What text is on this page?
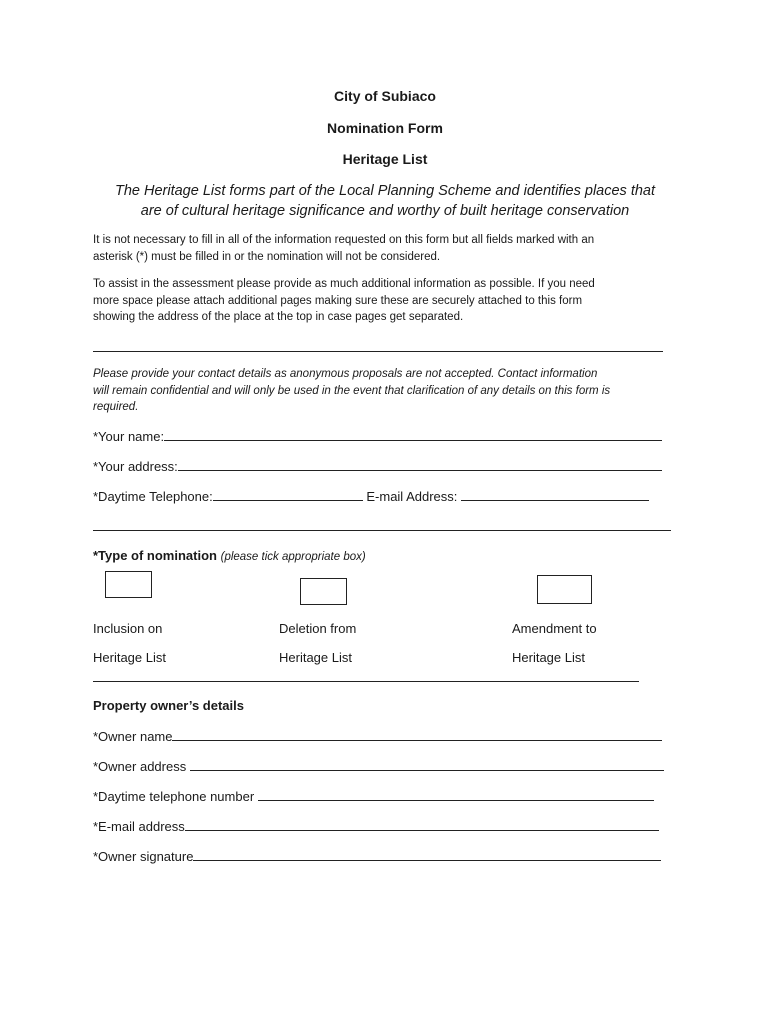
City of Subiaco
Nomination Form
Heritage List
The Heritage List forms part of the Local Planning Scheme and identifies places that
are of cultural heritage significance and worthy of built heritage conservation
It is not necessary to fill in all of the information requested on this form but all fields marked with an
asterisk (*) must be filled in or the nomination will not be considered.
To assist in the assessment please provide as much additional information as possible. If you need
more space please attach additional pages making sure these are securely attached to this form
showing the address of the place at the top in case pages get separated.
Please provide your contact details as anonymous proposals are not accepted. Contact information
will remain confidential and will only be used in the event that clarification of any details on this form is
required.
*Your name:
*Your address:
*Daytime Telephone:	E-mail Address:
*Type of nomination (please tick appropriate box)
Inclusion on
Heritage List
Deletion from
Heritage List
Amendment to
Heritage List
Property owner’s details
*Owner name
*Owner address
*Daytime telephone number
*E-mail address
*Owner signature
